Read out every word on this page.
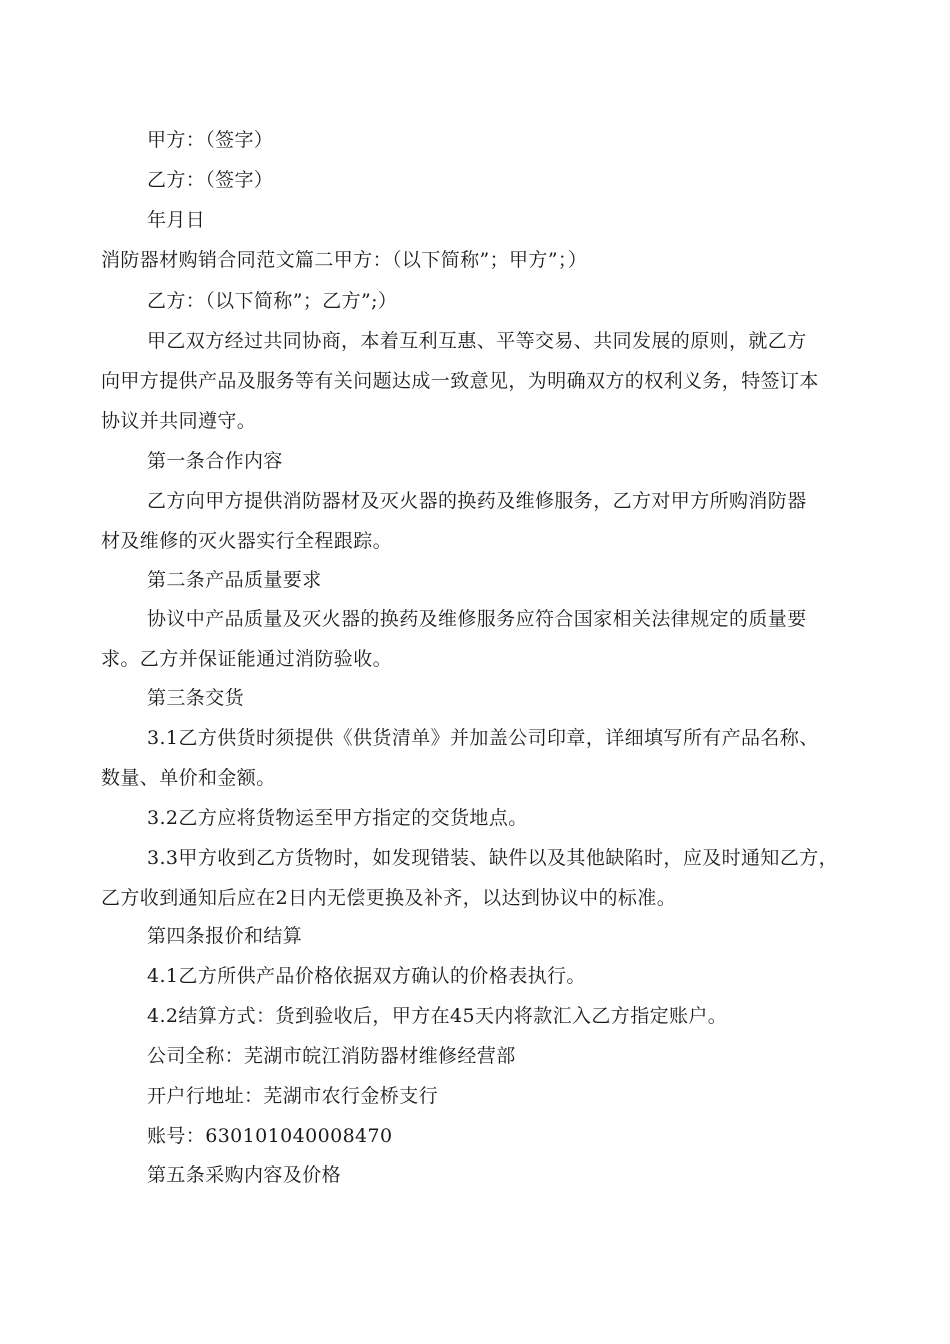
甲方：（签字）
乙方：（签字）
年月日
消防器材购销合同范文篇二甲方：（以下简称”；甲方”；）
乙方：（以下简称”；乙方”;）
甲乙双方经过共同协商，本着互利互惠、平等交易、共同发展的原则，就乙方
向甲方提供产品及服务等有关问题达成一致意见，为明确双方的权利义务，特签订本
协议并共同遵守。
第一条合作内容
乙方向甲方提供消防器材及灭火器的换药及维修服务，乙方对甲方所购消防器
材及维修的灭火器实行全程跟踪。
第二条产品质量要求
协议中产品质量及灭火器的换药及维修服务应符合国家相关法律规定的质量要
求。乙方并保证能通过消防验收。
第三条交货
3.1乙方供货时须提供《供货清单》并加盖公司印章，详细填写所有产品名称、
数量、单价和金额。
3.2乙方应将货物运至甲方指定的交货地点。
3.3甲方收到乙方货物时，如发现错装、缺件以及其他缺陷时，应及时通知乙方，
乙方收到通知后应在2日内无偿更换及补齐，以达到协议中的标准。
第四条报价和结算
4.1乙方所供产品价格依据双方确认的价格表执行。
4.2结算方式：货到验收后，甲方在45天内将款汇入乙方指定账户。
公司全称：芜湖市皖江消防器材维修经营部
开户行地址：芜湖市农行金桥支行
账号：630101040008470
第五条采购内容及价格
